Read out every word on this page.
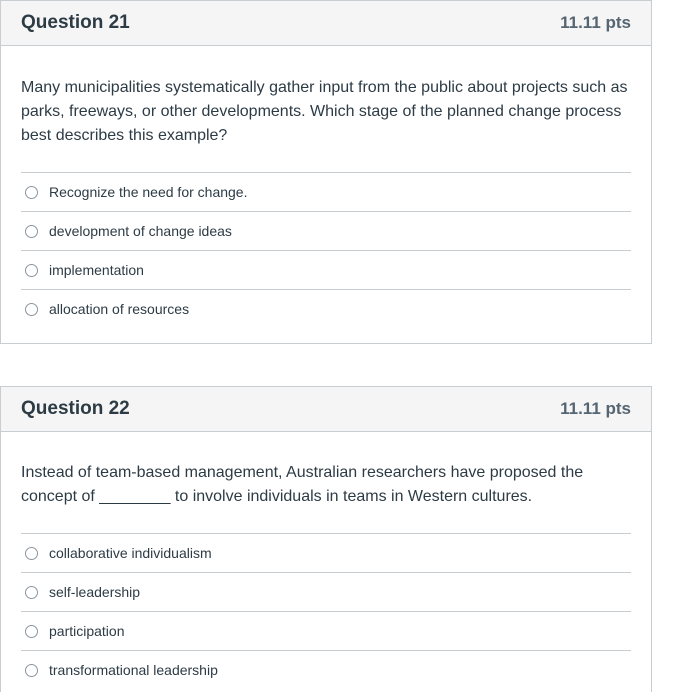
Question 21	11.11 pts

Many municipalities systematically gather input from the public about projects such as parks, freeways, or other developments. Which stage of the planned change process best describes this example?

Recognize the need for change.
development of change ideas
implementation
allocation of resources
Question 22	11.11 pts

Instead of team-based management, Australian researchers have proposed the concept of ________ to involve individuals in teams in Western cultures.

collaborative individualism
self-leadership
participation
transformational leadership
